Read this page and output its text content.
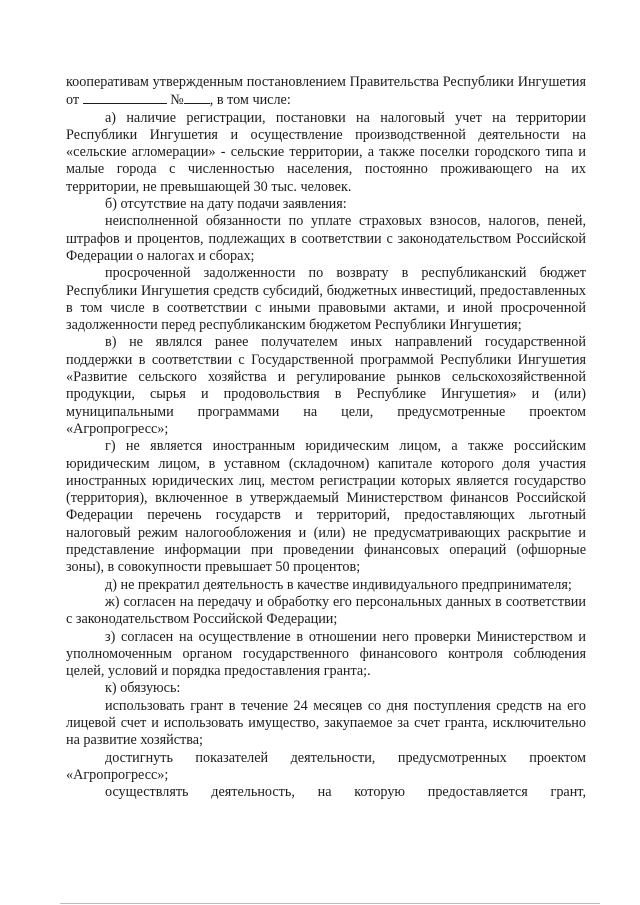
кооперативам утвержденным постановлением Правительства Республики Ингушетия от	№ , в том числе:

а) наличие регистрации, постановки на налоговый учет на территории Республики Ингушетия и осуществление производственной деятельности на «сельские агломерации» - сельские территории, а также поселки городского типа и малые города с численностью населения, постоянно проживающего на их территории, не превышающей 30 тыс. человек.

б) отсутствие на дату подачи заявления:

неисполненной обязанности по уплате страховых взносов, налогов, пеней, штрафов и процентов, подлежащих в соответствии с законодательством Российской Федерации о налогах и сборах;

просроченной задолженности по возврату в республиканский бюджет Республики Ингушетия средств субсидий, бюджетных инвестиций, предоставленных в том числе в соответствии с иными правовыми актами, и иной просроченной задолженности перед республиканским бюджетом Республики Ингушетия;

в) не являлся ранее получателем иных направлений государственной поддержки в соответствии с Государственной программой Республики Ингушетия «Развитие сельского хозяйства и регулирование рынков сельскохозяйственной продукции, сырья и продовольствия в Республике Ингушетия» и (или) муниципальными программами на цели, предусмотренные проектом «Агропрогресс»;

г) не является иностранным юридическим лицом, а также российским юридическим лицом, в уставном (складочном) капитале которого доля участия иностранных юридических лиц, местом регистрации которых является государство (территория), включенное в утверждаемый Министерством финансов Российской Федерации перечень государств и территорий, предоставляющих льготный налоговый режим налогообложения и (или) не предусматривающих раскрытие и представление информации при проведении финансовых операций (офшорные зоны), в совокупности превышает 50 процентов;

д) не прекратил деятельность в качестве индивидуального предпринимателя;

ж) согласен на передачу и обработку его персональных данных в соответствии с законодательством Российской Федерации;

з) согласен на осуществление в отношении него проверки Министерством и уполномоченным органом государственного финансового контроля соблюдения целей, условий и порядка предоставления гранта;.

к) обязуюсь:

использовать грант в течение 24 месяцев со дня поступления средств на его лицевой счет и использовать имущество, закупаемое за счет гранта, исключительно на развитие хозяйства;

достигнуть показателей деятельности, предусмотренных проектом «Агропрогресс»;

осуществлять деятельность, на которую предоставляется грант,
